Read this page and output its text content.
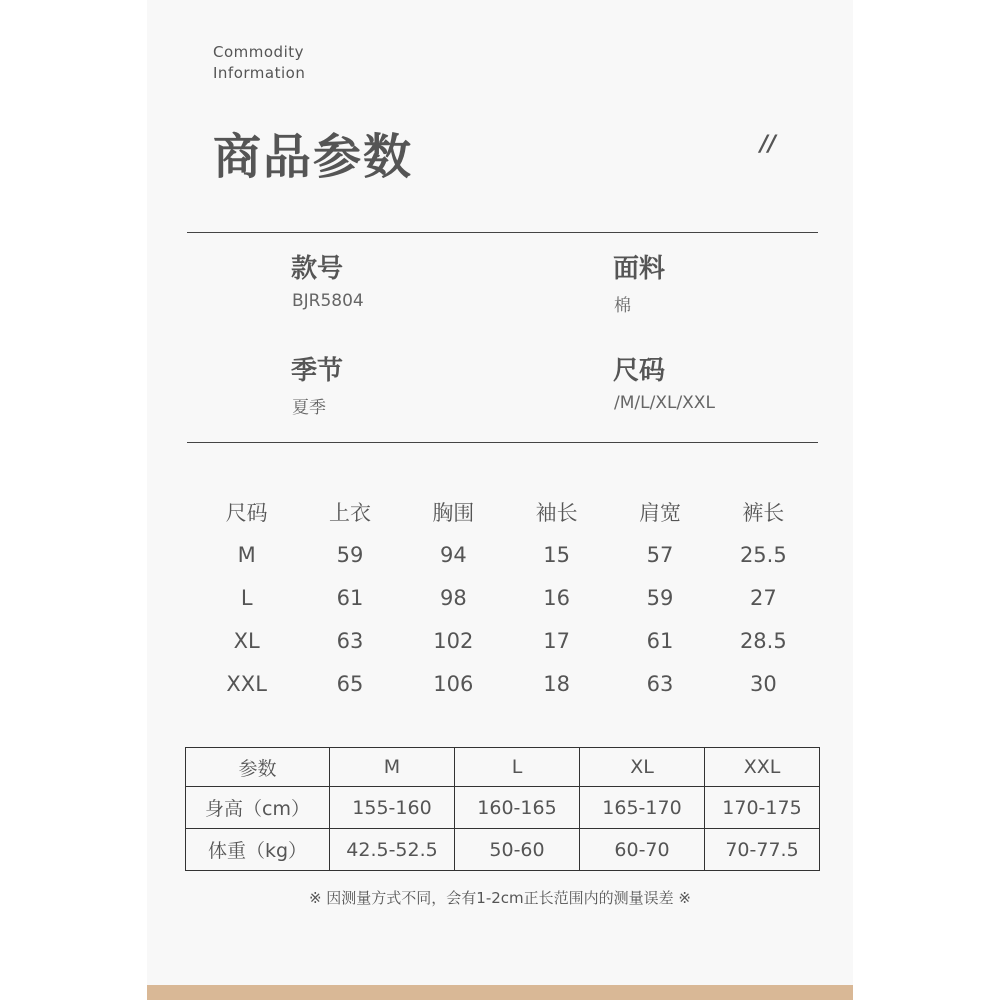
Commodity
Information
商品参数	//
款号
BJR5804
面料
棉
季节
夏季
尺码
/M/L/XL/XXL
尺码	上衣	胸围	袖长	肩宽	裤长
M	59	94	15	57	25.5
L	61	98	16	59	27
XL	63	102	17	61	28.5
XXL	65	106	18	63	30
参数	M	L	XL	XXL
身高（cm）	155-160	160-165	165-170	170-175
体重（kg）	42.5-52.5	50-60	60-70	70-77.5
※ 因测量方式不同，会有1-2cm正长范围内的测量误差 ※
